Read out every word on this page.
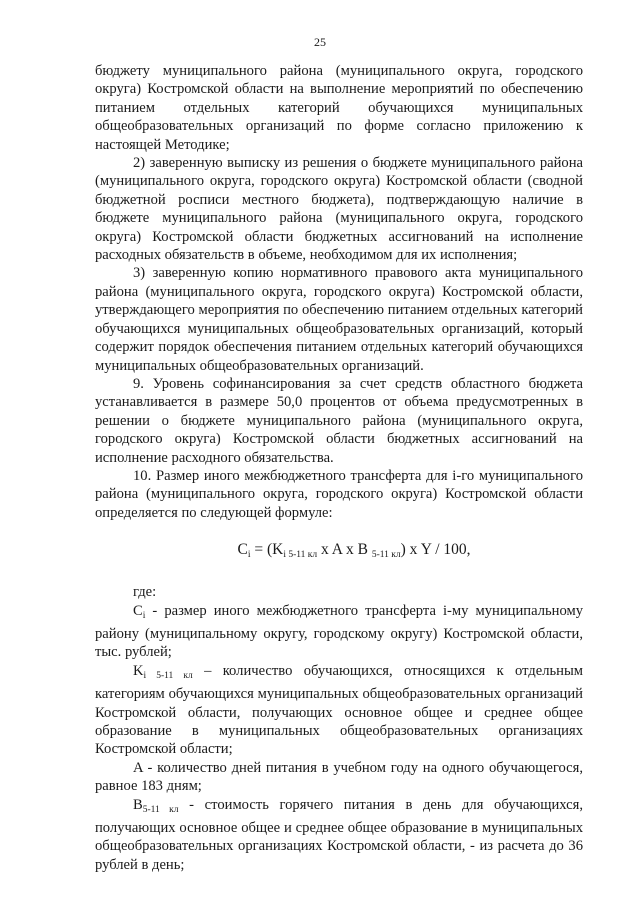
25

бюджету муниципального района (муниципального округа, городского округа) Костромской области на выполнение мероприятий по обеспечению питанием отдельных категорий обучающихся муниципальных общеобразовательных организаций по форме согласно приложению к настоящей Методике;

2) заверенную выписку из решения о бюджете муниципального района (муниципального округа, городского округа) Костромской области (сводной бюджетной росписи местного бюджета), подтверждающую наличие в бюджете муниципального района (муниципального округа, городского округа) Костромской области бюджетных ассигнований на исполнение расходных обязательств в объеме, необходимом для их исполнения;

3) заверенную копию нормативного правового акта муниципального района (муниципального округа, городского округа) Костромской области, утверждающего мероприятия по обеспечению питанием отдельных категорий обучающихся муниципальных общеобразовательных организаций, который содержит порядок обеспечения питанием отдельных категорий обучающихся муниципальных общеобразовательных организаций.

9. Уровень софинансирования за счет средств областного бюджета устанавливается в размере 50,0 процентов от объема предусмотренных в решении о бюджете муниципального района (муниципального округа, городского округа) Костромской области бюджетных ассигнований на исполнение расходного обязательства.

10. Размер иного межбюджетного трансферта для i-го муниципального района (муниципального округа, городского округа) Костромской области определяется по следующей формуле:

$C_i = (K_{i 5-11 кл}$ x A x B $_{5-11 кл}$) x Y / 100,

где:

$C_i$ - размер иного межбюджетного трансферта i-му муниципальному району (муниципальному округу, городскому округу) Костромской области, тыс. рублей;

$K_{i 5-11 кл}$ – количество обучающихся, относящихся к отдельным категориям обучающихся муниципальных общеобразовательных организаций Костромской области, получающих основное общее и среднее общее образование в муниципальных общеобразовательных организациях Костромской области;

A - количество дней питания в учебном году на одного обучающегося, равное 183 дням;

$B_{5-11 кл}$ - стоимость горячего питания в день для обучающихся, получающих основное общее и среднее общее образование в муниципальных общеобразовательных организациях Костромской области, - из расчета до 36 рублей в день;
